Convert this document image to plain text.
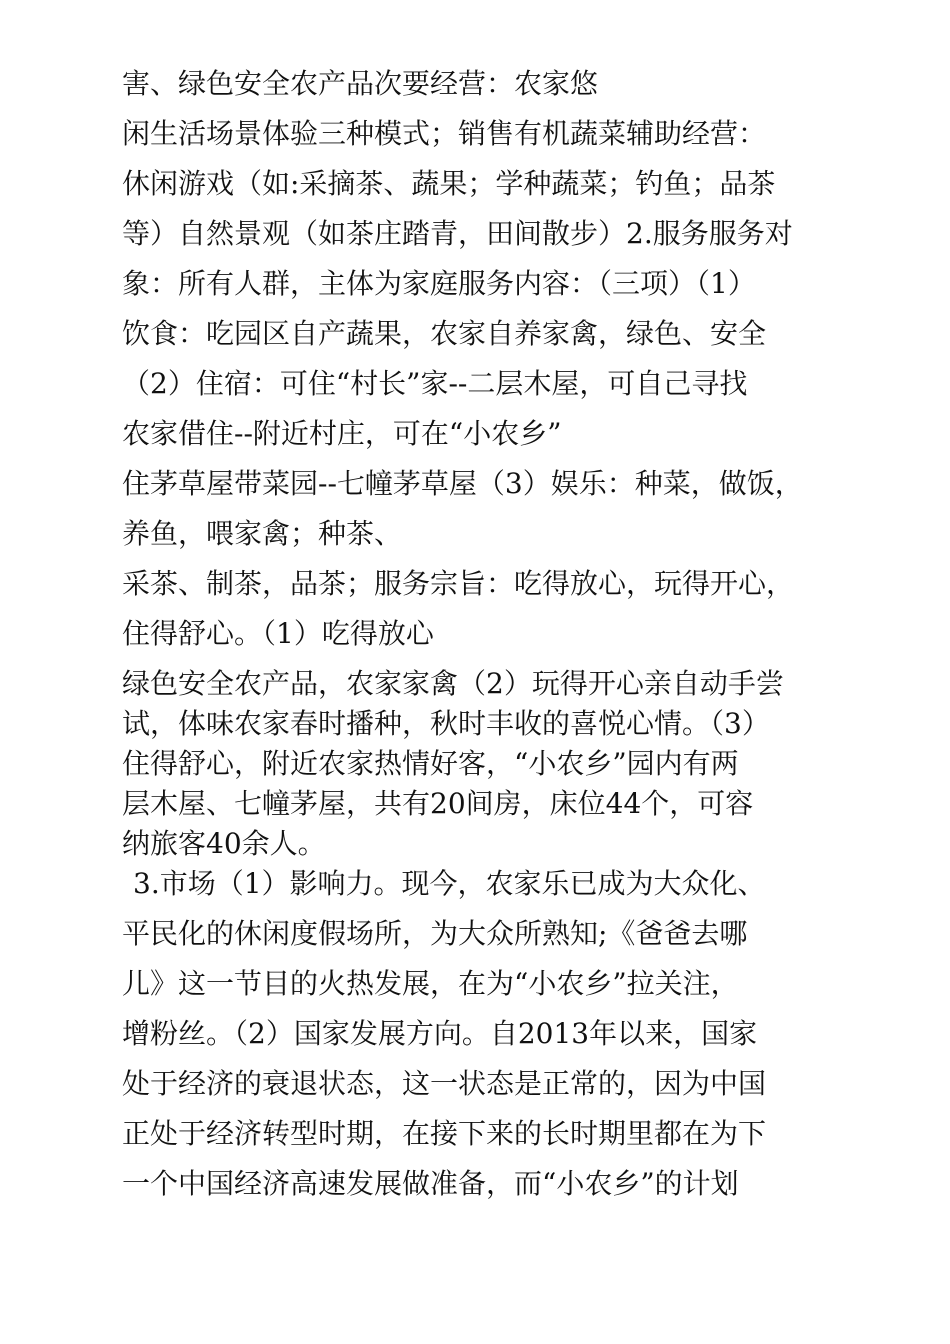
害、绿色安全农产品次要经营：农家悠
闲生活场景体验三种模式；销售有机蔬菜辅助经营：
休闲游戏（如:采摘茶、蔬果；学种蔬菜；钓鱼；品茶
等）自然景观（如茶庄踏青，田间散步）2.服务服务对
象：所有人群，主体为家庭服务内容：（三项）（1）
饮食：吃园区自产蔬果，农家自养家禽，绿色、安全
（2）住宿：可住“村长”家--二层木屋，可自己寻找
农家借住--附近村庄，可在“小农乡”
住茅草屋带菜园--七幢茅草屋（3）娱乐：种菜，做饭，
养鱼，喂家禽；种茶、
采茶、制茶，品茶；服务宗旨：吃得放心，玩得开心，
住得舒心。（1）吃得放心
绿色安全农产品，农家家禽（2）玩得开心亲自动手尝
试，体味农家春时播种，秋时丰收的喜悦心情。（3）
住得舒心，附近农家热情好客，“小农乡”园内有两
层木屋、七幢茅屋，共有20间房，床位44个，可容
纳旅客40余人。
3.市场（1）影响力。现今，农家乐已成为大众化、
平民化的休闲度假场所，为大众所熟知;《爸爸去哪
儿》这一节目的火热发展，在为“小农乡”拉关注，
增粉丝。（2）国家发展方向。自2013年以来，国家
处于经济的衰退状态，这一状态是正常的，因为中国
正处于经济转型时期，在接下来的长时期里都在为下
一个中国经济高速发展做准备，而“小农乡”的计划
